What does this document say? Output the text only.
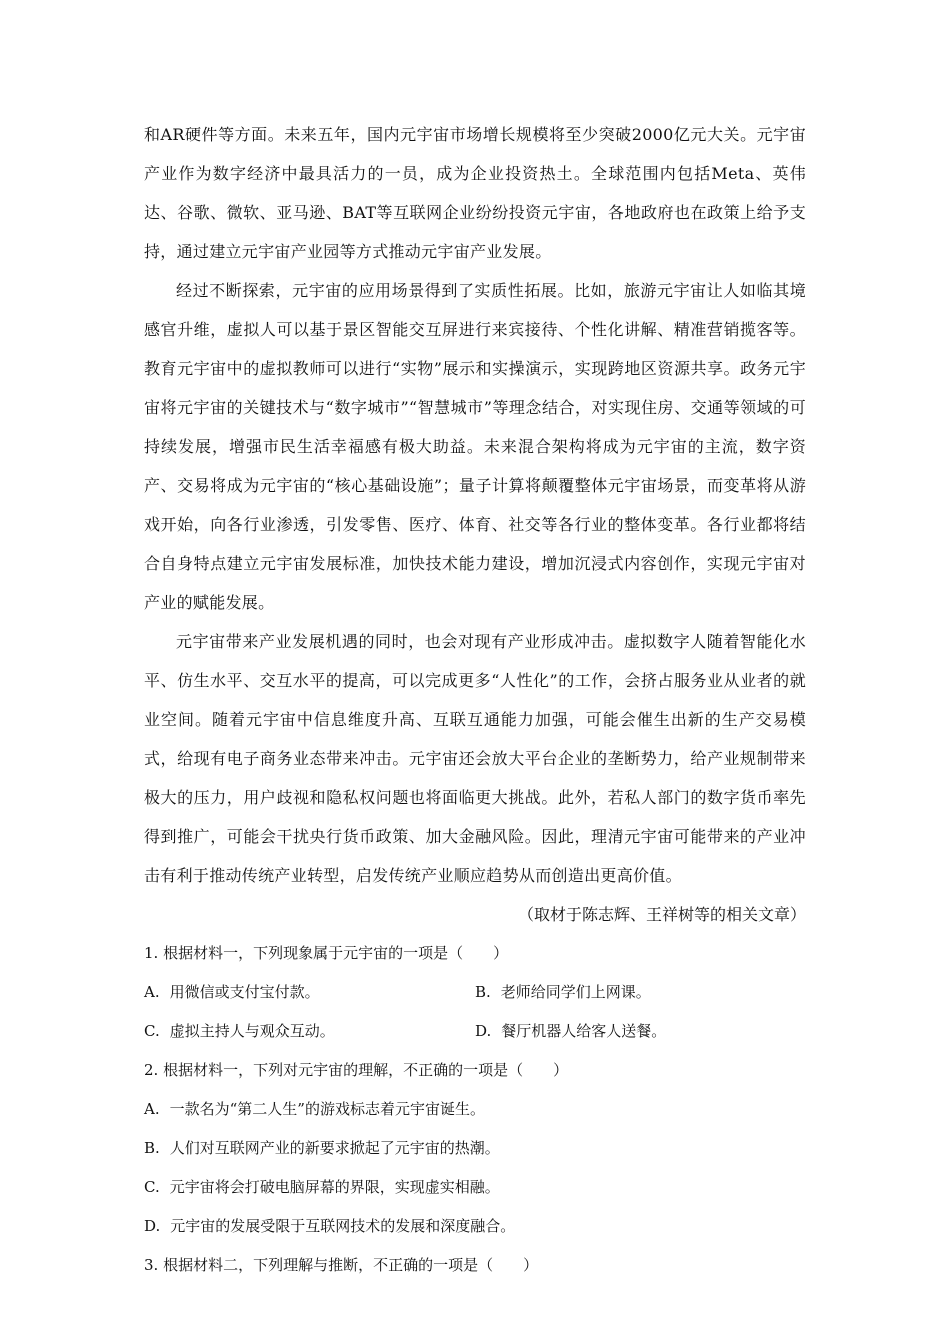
和AR硬件等方面。未来五年，国内元宇宙市场增长规模将至少突破2000亿元大关。元宇宙产业作为数字经济中最具活力的一员，成为企业投资热土。全球范围内包括Meta、英伟达、谷歌、微软、亚马逊、BAT等互联网企业纷纷投资元宇宙，各地政府也在政策上给予支持，通过建立元宇宙产业园等方式推动元宇宙产业发展。

经过不断探索，元宇宙的应用场景得到了实质性拓展。比如，旅游元宇宙让人如临其境感官升维，虚拟人可以基于景区智能交互屏进行来宾接待、个性化讲解、精准营销揽客等。教育元宇宙中的虚拟教师可以进行“实物”展示和实操演示，实现跨地区资源共享。政务元宇宙将元宇宙的关键技术与“数字城市”“智慧城市”等理念结合，对实现住房、交通等领域的可持续发展，增强市民生活幸福感有极大助益。未来混合架构将成为元宇宙的主流，数字资产、交易将成为元宇宙的“核心基础设施”；量子计算将颠覆整体元宇宙场景，而变革将从游戏开始，向各行业渗透，引发零售、医疗、体育、社交等各行业的整体变革。各行业都将结合自身特点建立元宇宙发展标准，加快技术能力建设，增加沉浸式内容创作，实现元宇宙对产业的赋能发展。

元宇宙带来产业发展机遇的同时，也会对现有产业形成冲击。虚拟数字人随着智能化水平、仿生水平、交互水平的提高，可以完成更多“人性化”的工作，会挤占服务业从业者的就业空间。随着元宇宙中信息维度升高、互联互通能力加强，可能会催生出新的生产交易模式，给现有电子商务业态带来冲击。元宇宙还会放大平台企业的垄断势力，给产业规制带来极大的压力，用户歧视和隐私权问题也将面临更大挑战。此外，若私人部门的数字货币率先得到推广，可能会干扰央行货币政策、加大金融风险。因此，理清元宇宙可能带来的产业冲击有利于推动传统产业转型，启发传统产业顺应趋势从而创造出更高价值。

（取材于陈志辉、王祥树等的相关文章）

1. 根据材料一，下列现象属于元宇宙的一项是（　　）

A. 用微信或支付宝付款。	B. 老师给同学们上网课。
C. 虚拟主持人与观众互动。	D. 餐厅机器人给客人送餐。

2. 根据材料一，下列对元宇宙的理解，不正确的一项是（　　）

A. 一款名为“第二人生”的游戏标志着元宇宙诞生。

B. 人们对互联网产业的新要求掀起了元宇宙的热潮。

C. 元宇宙将会打破电脑屏幕的界限，实现虚实相融。

D. 元宇宙的发展受限于互联网技术的发展和深度融合。

3. 根据材料二，下列理解与推断，不正确的一项是（　　）
